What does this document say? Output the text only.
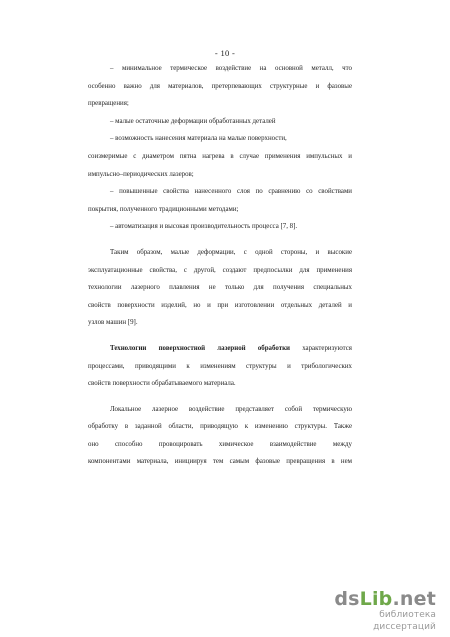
- 10 -

– минимальное термическое воздействие на основной металл, что
особенно важно для материалов, претерпевающих структурные и фазовые
превращения;

– малые остаточные деформации обработанных деталей

– возможность нанесения материала на малые поверхности,
соизмеримые с диаметром пятна нагрева в случае применения импульсных и
импульсно–периодических лазеров;

– повышенные свойства нанесенного слоя по сравнению со свойствами
покрытия, полученного традиционными методами;

– автоматизация и высокая производительность процесса [7, 8].

Таким образом, малые деформации, с одной стороны, и высокие
эксплуатационные свойства, с другой, создают предпосылки для применения
технологии лазерного плавления не только для получения специальных
свойств поверхности изделий, но и при изготовлении отдельных деталей и
узлов машин [9].

Технологии поверхностной лазерной обработки характеризуются
процессами, приводящими к изменениям структуры и трибологических
свойств поверхности обрабатываемого материала.

Локальное лазерное воздействие представляет собой термическую
обработку в заданной области, приводящую к изменению структуры. Также
оно способно провоцировать химическое взаимодействие между
компонентами материала, инициируя тем самым фазовые превращения в нем

dsLib.net
библиотека диссертаций
